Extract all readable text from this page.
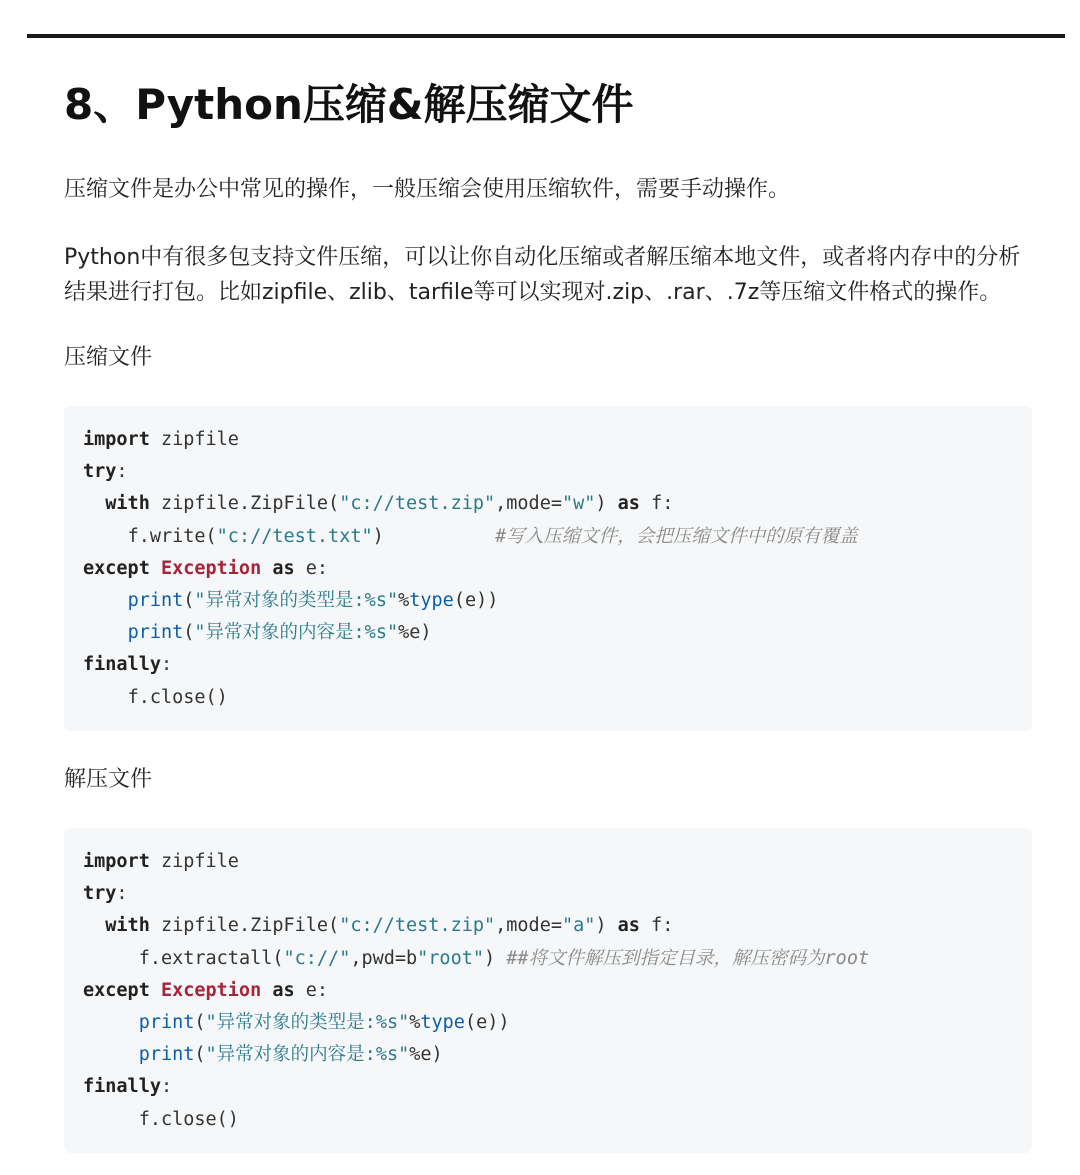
8、Python压缩&解压缩文件

压缩文件是办公中常见的操作，一般压缩会使用压缩软件，需要手动操作。

Python中有很多包支持文件压缩，可以让你自动化压缩或者解压缩本地文件，或者将内存中的分析结果进行打包。比如zipfile、zlib、tarfile等可以实现对.zip、.rar、.7z等压缩文件格式的操作。

压缩文件
import zipfile
try:
with zipfile.ZipFile("c://test.zip",mode="w") as f:
f.write("c://test.txt")          #写入压缩文件，会把压缩文件中的原有覆盖
except Exception as e:
print("异常对象的类型是:%s"%type(e))
print("异常对象的内容是:%s"%e)
finally:
f.close()
解压文件
import zipfile
try:
with zipfile.ZipFile("c://test.zip",mode="a") as f:
f.extractall("c://",pwd=b"root") ##将文件解压到指定目录，解压密码为root
except Exception as e:
print("异常对象的类型是:%s"%type(e))
print("异常对象的内容是:%s"%e)
finally:
f.close()
